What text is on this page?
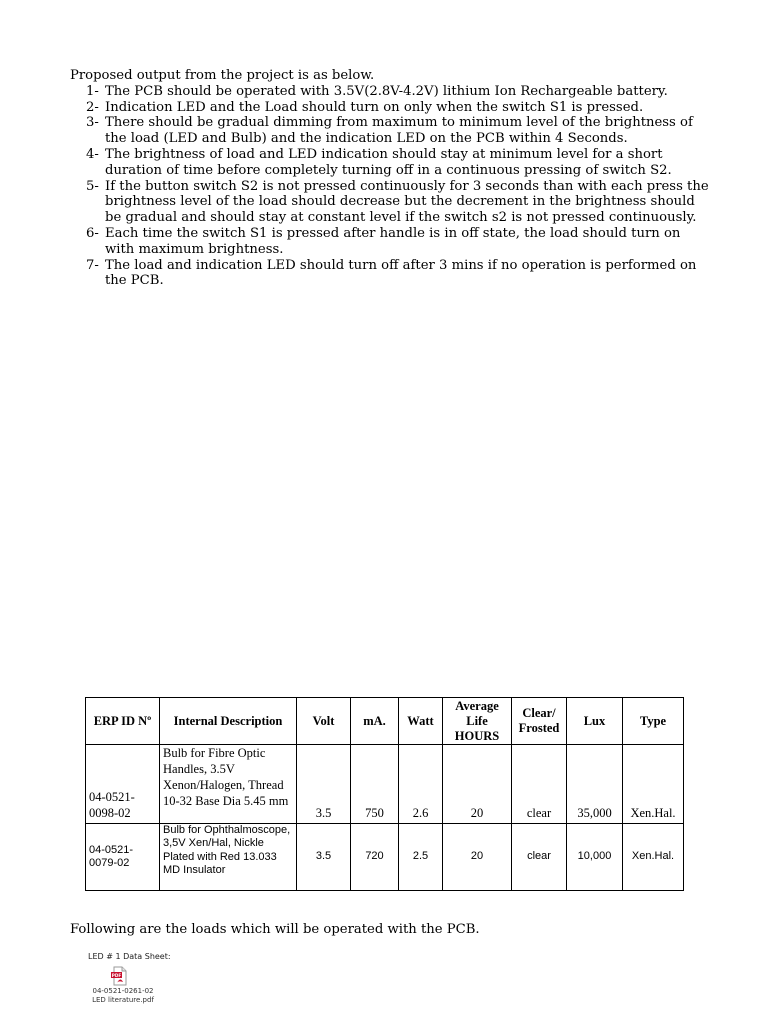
Proposed output from the project is as below.

1- The PCB should be operated with 3.5V(2.8V-4.2V) lithium Ion Rechargeable battery.
2- Indication LED and the Load should turn on only when the switch S1 is pressed.
3- There should be gradual dimming from maximum to minimum level of the brightness of the load (LED and Bulb) and the indication LED on the PCB within 4 Seconds.
4- The brightness of load and LED indication should stay at minimum level for a short duration of time before completely turning off in a continuous pressing of switch S2.
5- If the button switch S2 is not pressed continuously for 3 seconds than with each press the brightness level of the load should decrease but the decrement in the brightness should be gradual and should stay at constant level if the switch s2 is not pressed continuously.
6- Each time the switch S1 is pressed after handle is in off state, the load should turn on with maximum brightness.
7- The load and indication LED should turn off after 3 mins if no operation is performed on the PCB.
ERP ID Nº	Internal Description	Volt	mA.	Watt	Average Life HOURS	Clear/ Frosted	Lux	Type
04-0521-0098-02	Bulb for Fibre Optic Handles, 3.5V Xenon/Halogen, Thread 10-32 Base Dia 5.45 mm	3.5	750	2.6	20	clear	35,000	Xen.Hal.
04-0521-0079-02	Bulb for Ophthalmoscope, 3,5V Xen/Hal, Nickle Plated with Red 13.033 MD Insulator	3.5	720	2.5	20	clear	10,000	Xen.Hal.

Following are the loads which will be operated with the PCB.

LED # 1 Data Sheet:
PDF
04-0521-0261-02 LED literature.pdf
